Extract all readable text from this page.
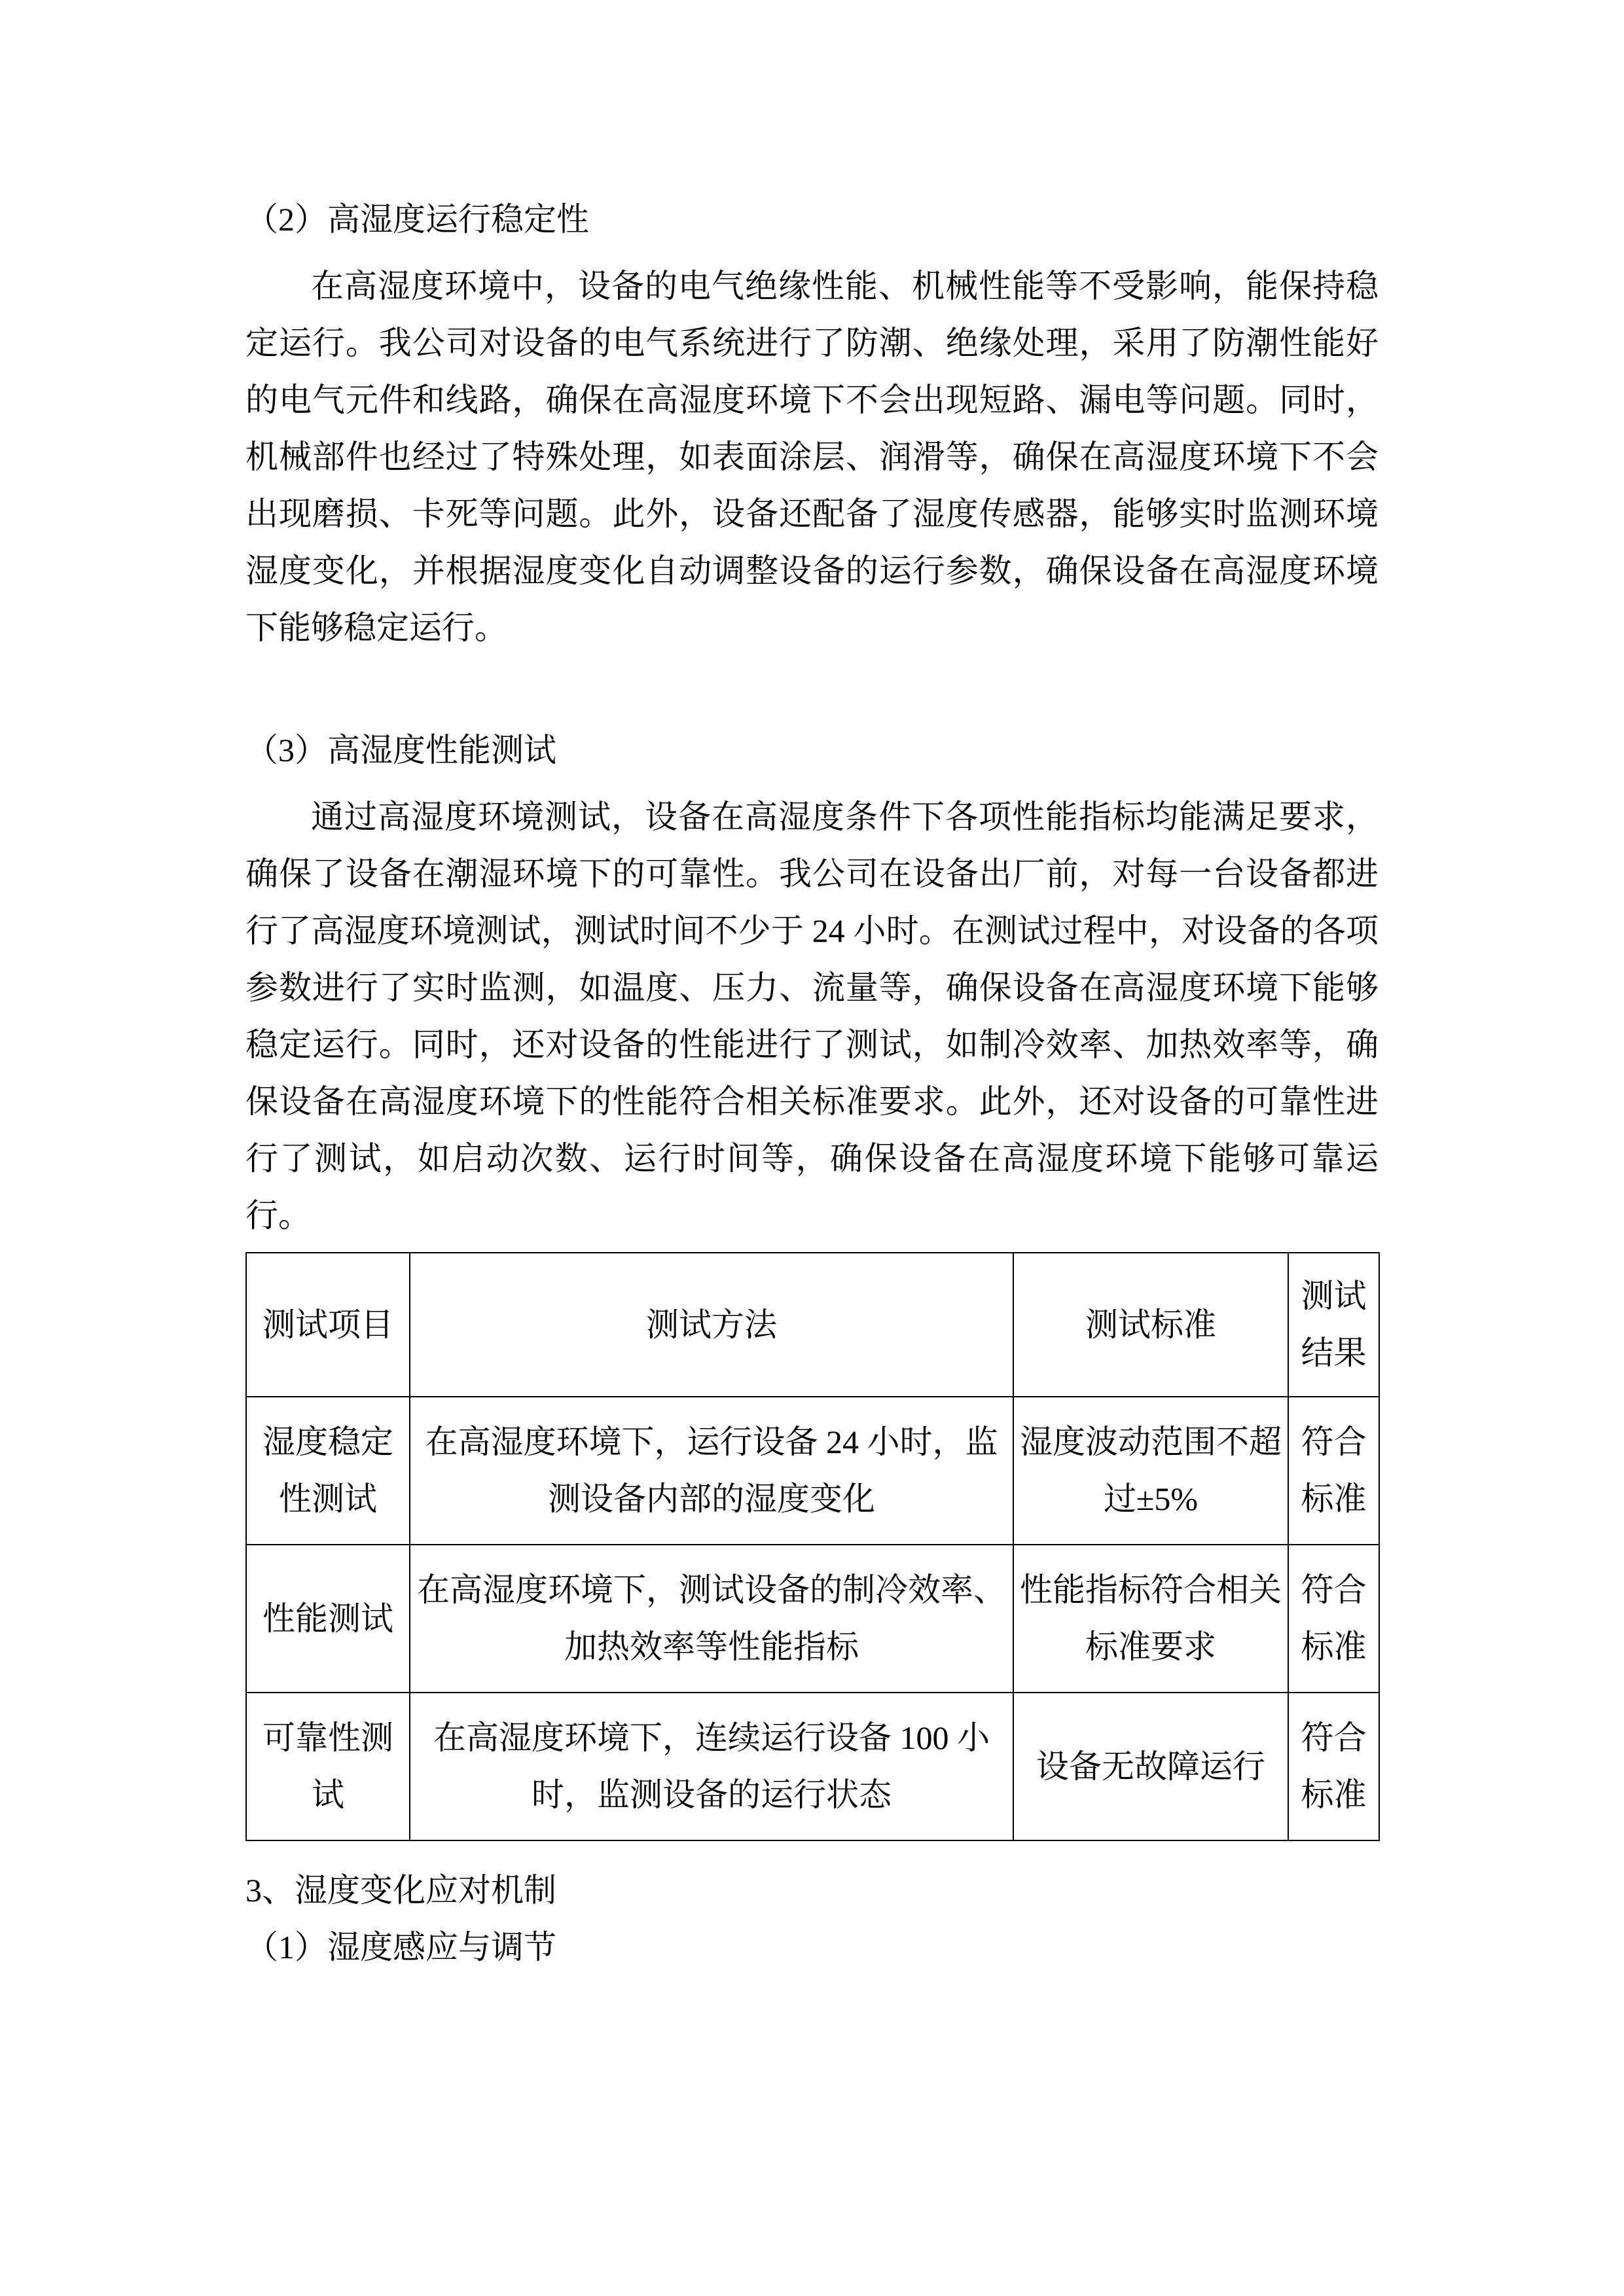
（2）高湿度运行稳定性

在高湿度环境中，设备的电气绝缘性能、机械性能等不受影响，能保持稳定运行。我公司对设备的电气系统进行了防潮、绝缘处理，采用了防潮性能好的电气元件和线路，确保在高湿度环境下不会出现短路、漏电等问题。同时，机械部件也经过了特殊处理，如表面涂层、润滑等，确保在高湿度环境下不会出现磨损、卡死等问题。此外，设备还配备了湿度传感器，能够实时监测环境湿度变化，并根据湿度变化自动调整设备的运行参数，确保设备在高湿度环境下能够稳定运行。

（3）高湿度性能测试

通过高湿度环境测试，设备在高湿度条件下各项性能指标均能满足要求，确保了设备在潮湿环境下的可靠性。我公司在设备出厂前，对每一台设备都进行了高湿度环境测试，测试时间不少于 24 小时。在测试过程中，对设备的各项参数进行了实时监测，如温度、压力、流量等，确保设备在高湿度环境下能够稳定运行。同时，还对设备的性能进行了测试，如制冷效率、加热效率等，确保设备在高湿度环境下的性能符合相关标准要求。此外，还对设备的可靠性进行了测试，如启动次数、运行时间等，确保设备在高湿度环境下能够可靠运行。

测试项目	测试方法	测试标准	测试结果
湿度稳定性测试	在高湿度环境下，运行设备 24 小时，监测设备内部的湿度变化	湿度波动范围不超过±5%	符合标准
性能测试	在高湿度环境下，测试设备的制冷效率、加热效率等性能指标	性能指标符合相关标准要求	符合标准
可靠性测试	在高湿度环境下，连续运行设备 100 小时，监测设备的运行状态	设备无故障运行	符合标准

3、湿度变化应对机制

（1）湿度感应与调节
